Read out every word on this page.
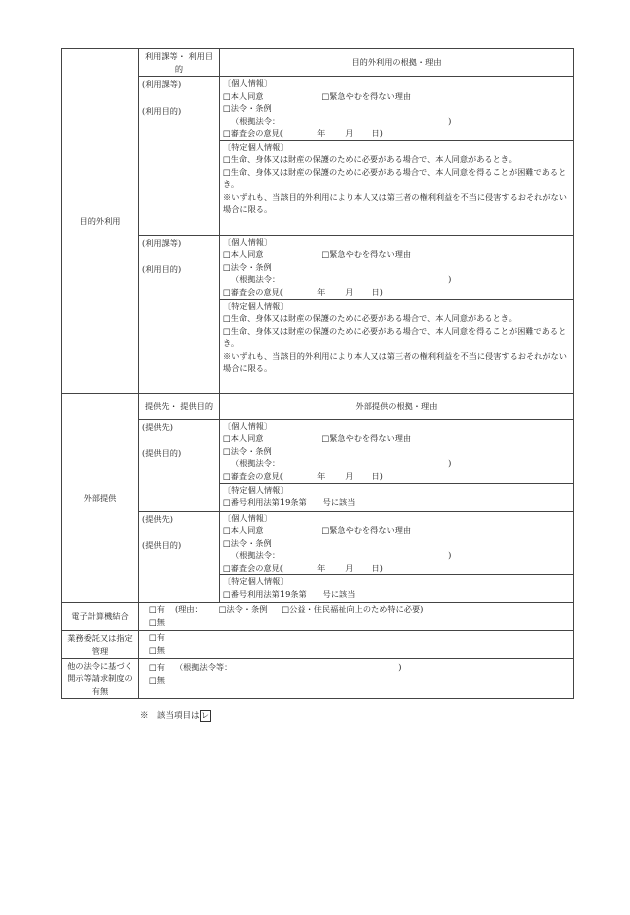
目的外利用	利用課等・ 利用目的	目的外利用の根拠・理由

	(利用課等)
(利用目的)	〔個人情報〕
□本人同意 □緊急やむを得ない理由
□法令・条例
（根拠法令： )
□審査会の意見( 年 月 日)

		〔特定個人情報〕
□生命、身体又は財産の保護のために必要がある場合で、本人同意があるとき。
□生命、身体又は財産の保護のために必要がある場合で、本人同意を得ることが困難であるとき。
※いずれも、当該目的外利用により本人又は第三者の権利利益を不当に侵害するおそれがない場合に限る。

	(利用課等)
(利用目的)	〔個人情報〕
□本人同意 □緊急やむを得ない理由
□法令・条例
（根拠法令： )
□審査会の意見( 年 月 日)

		〔特定個人情報〕
□生命、身体又は財産の保護のために必要がある場合で、本人同意があるとき。
□生命、身体又は財産の保護のために必要がある場合で、本人同意を得ることが困難であるとき。
※いずれも、当該目的外利用により本人又は第三者の権利利益を不当に侵害するおそれがない場合に限る。

外部提供	提供先・ 提供目的	外部提供の根拠・理由

	(提供先)
(提供目的)	〔個人情報〕
□本人同意 □緊急やむを得ない理由
□法令・条例
（根拠法令： )
□審査会の意見( 年 月 日)

		〔特定個人情報〕
□番号利用法第19条第 号に該当

	(提供先)
(提供目的)	〔個人情報〕
□本人同意 □緊急やむを得ない理由
□法令・条例
（根拠法令： )
□審査会の意見( 年 月 日)

		〔特定個人情報〕
□番号利用法第19条第 号に該当

電子計算機結合	□有 (理由： □法令・条例 □公益・住民福祉向上のため特に必要)
□無	

業務委託又は指定管理	□有
□無	

他の法令に基づく開示等請求制度の有無	□有 （根拠法令等： )
□無	
※　該当項目は レ
